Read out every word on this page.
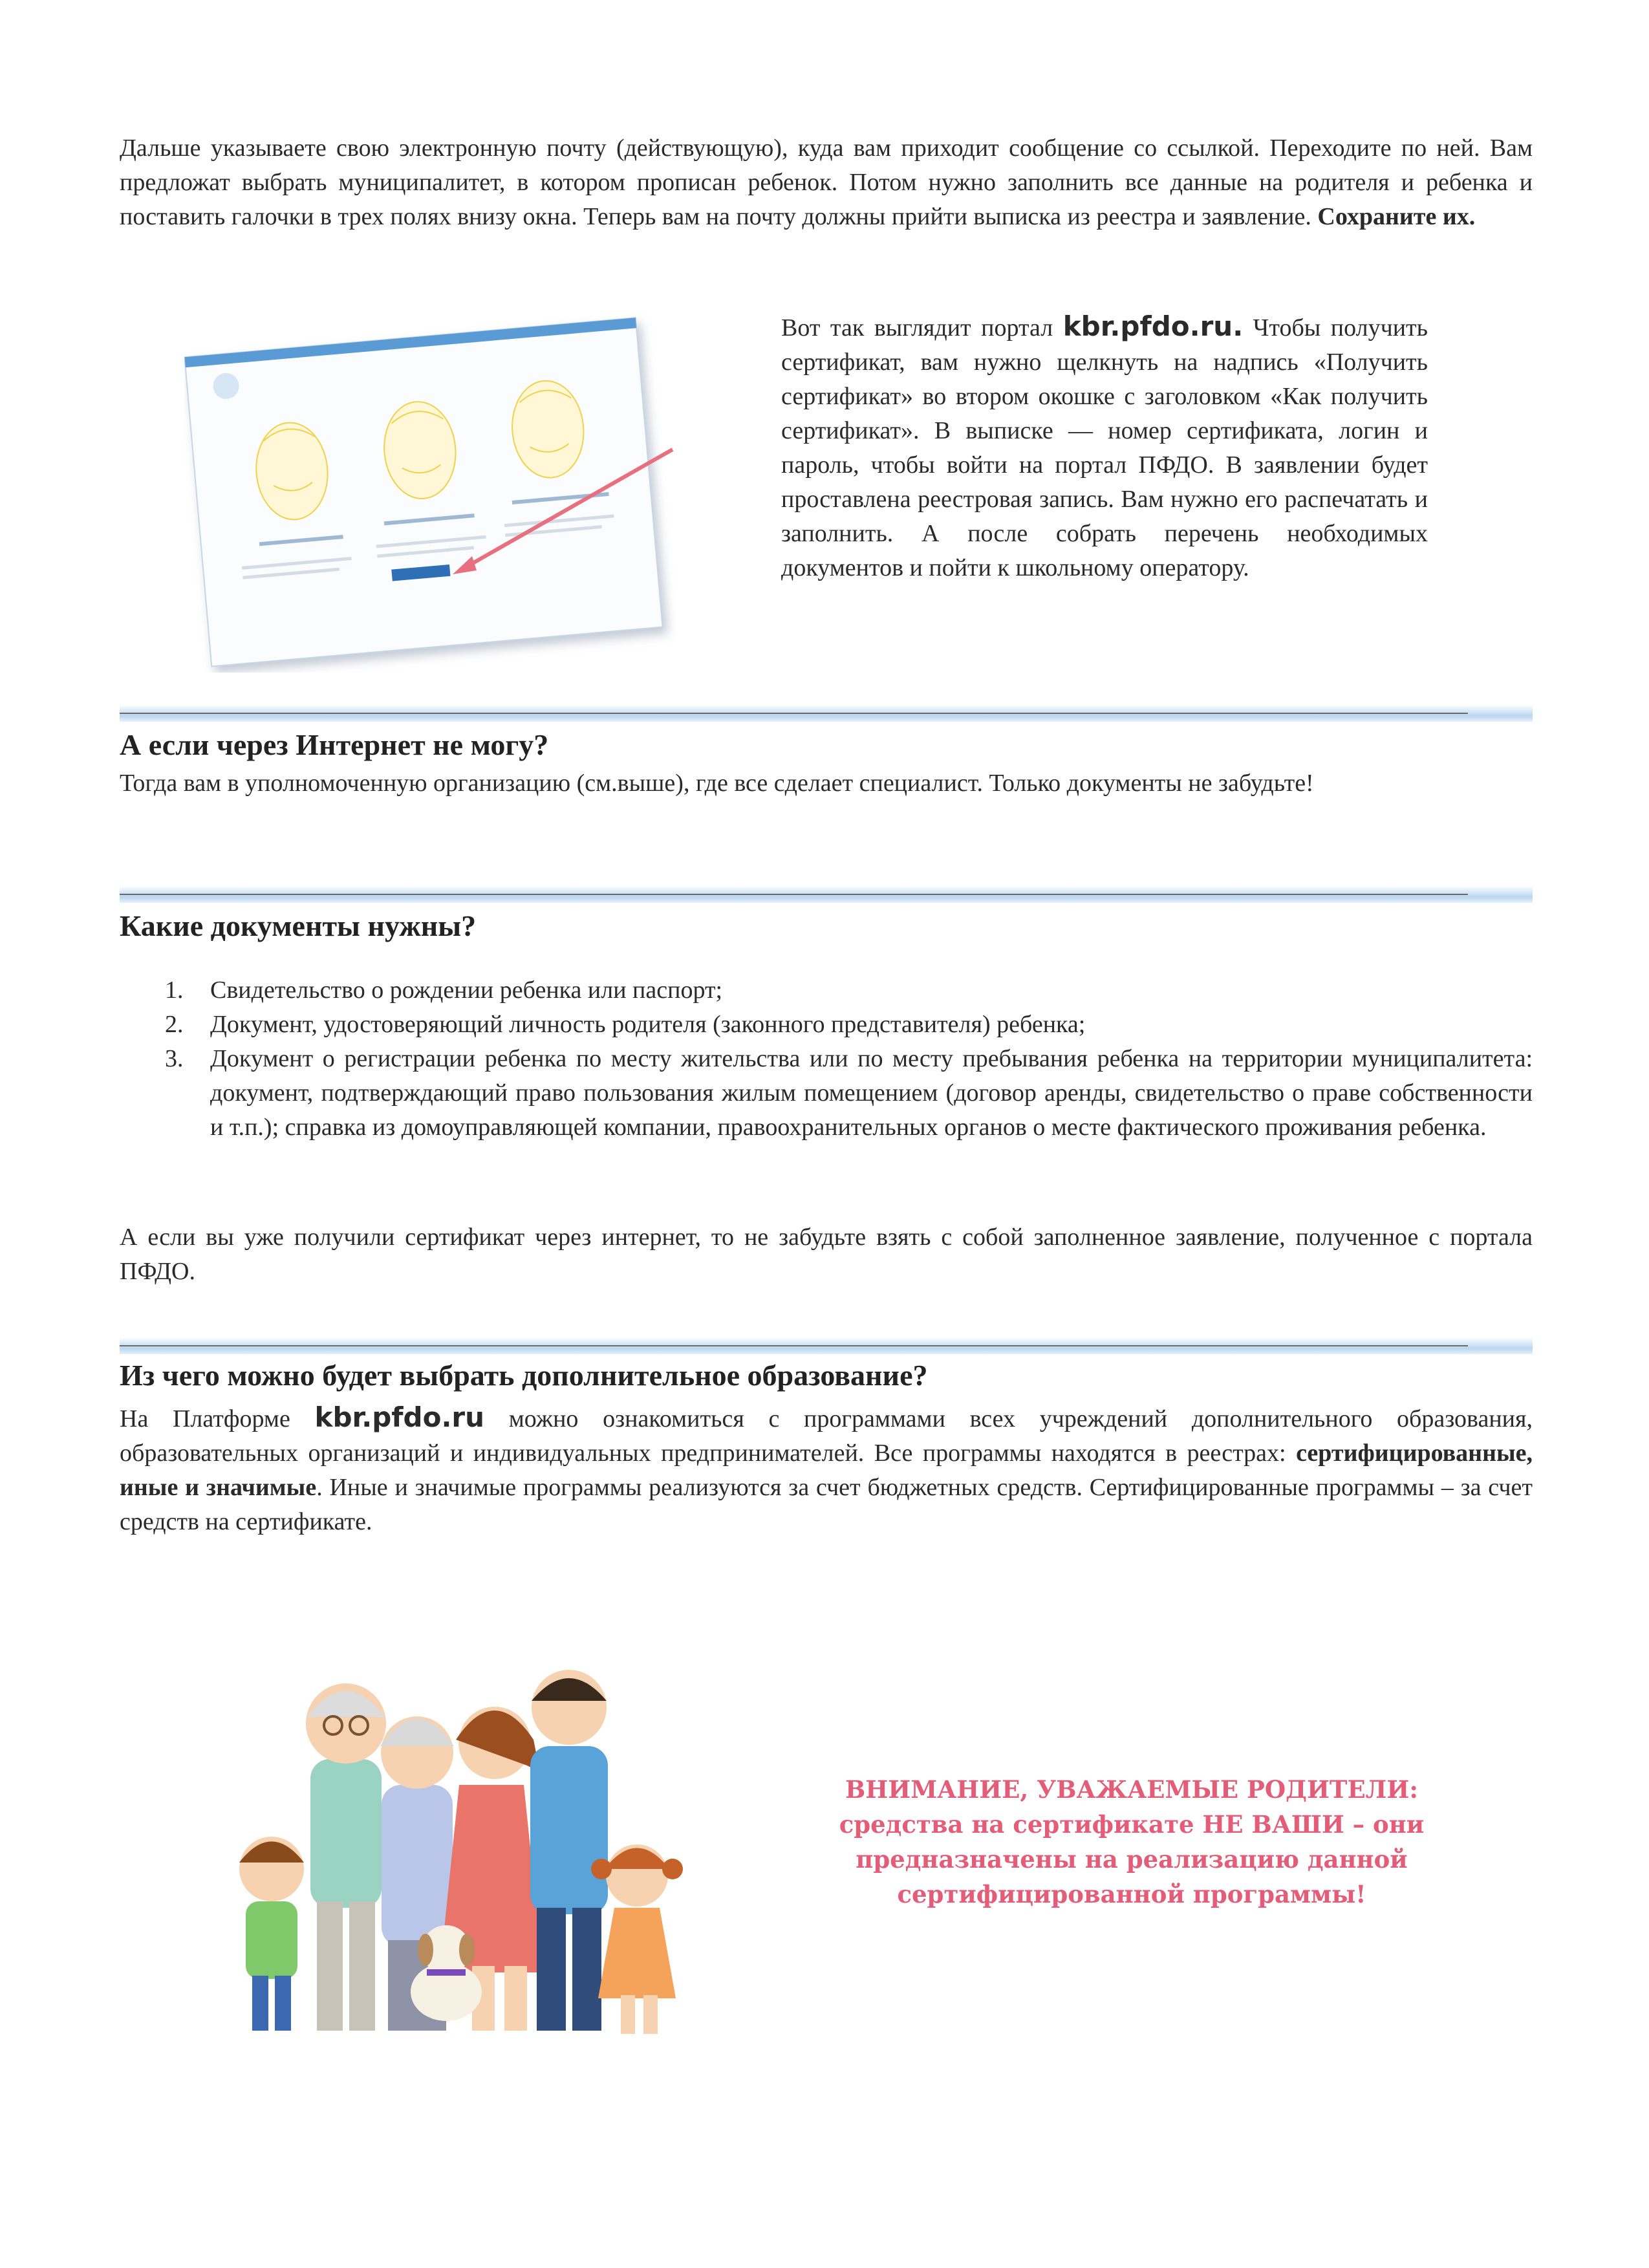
Дальше указываете свою электронную почту (действующую), куда вам приходит сообщение со ссылкой. Переходите по ней. Вам предложат выбрать муниципалитет, в котором прописан ребенок. Потом нужно заполнить все данные на родителя и ребенка и поставить галочки в трех полях внизу окна. Теперь вам на почту должны прийти выписка из реестра и заявление. Сохраните их.

Вот так выглядит портал kbr.pfdo.ru. Чтобы получить сертификат, вам нужно щелкнуть на надпись «Получить сертификат» во втором окошке с заголовком «Как получить сертификат». В выписке — номер сертификата, логин и пароль, чтобы войти на портал ПФДО. В заявлении будет проставлена реестровая запись. Вам нужно его распечатать и заполнить. А после собрать перечень необходимых документов и пойти к школьному оператору.

А если через Интернет не могу?

Тогда вам в уполномоченную организацию (см.выше), где все сделает специалист. Только документы не забудьте!

Какие документы нужны?
1. Свидетельство о рождении ребенка или паспорт;
2. Документ, удостоверяющий личность родителя (законного представителя) ребенка;
3. Документ о регистрации ребенка по месту жительства или по месту пребывания ребенка на территории муниципалитета: документ, подтверждающий право пользования жилым помещением (договор аренды, свидетельство о праве собственности и т.п.); справка из домоуправляющей компании, правоохранительных органов о месте фактического проживания ребенка.

А если вы уже получили сертификат через интернет, то не забудьте взять с собой заполненное заявление, полученное с портала ПФДО.

Из чего можно будет выбрать дополнительное образование?

На Платформе kbr.pfdo.ru можно ознакомиться с программами всех учреждений дополнительного образования, образовательных организаций и индивидуальных предпринимателей. Все программы находятся в реестрах: сертифицированные, иные и значимые. Иные и значимые программы реализуются за счет бюджетных средств. Сертифицированные программы – за счет средств на сертификате.

ВНИМАНИЕ, УВАЖАЕМЫЕ РОДИТЕЛИ:
средства на сертификате НЕ ВАШИ – они
предназначены на реализацию данной
сертифицированной программы!
